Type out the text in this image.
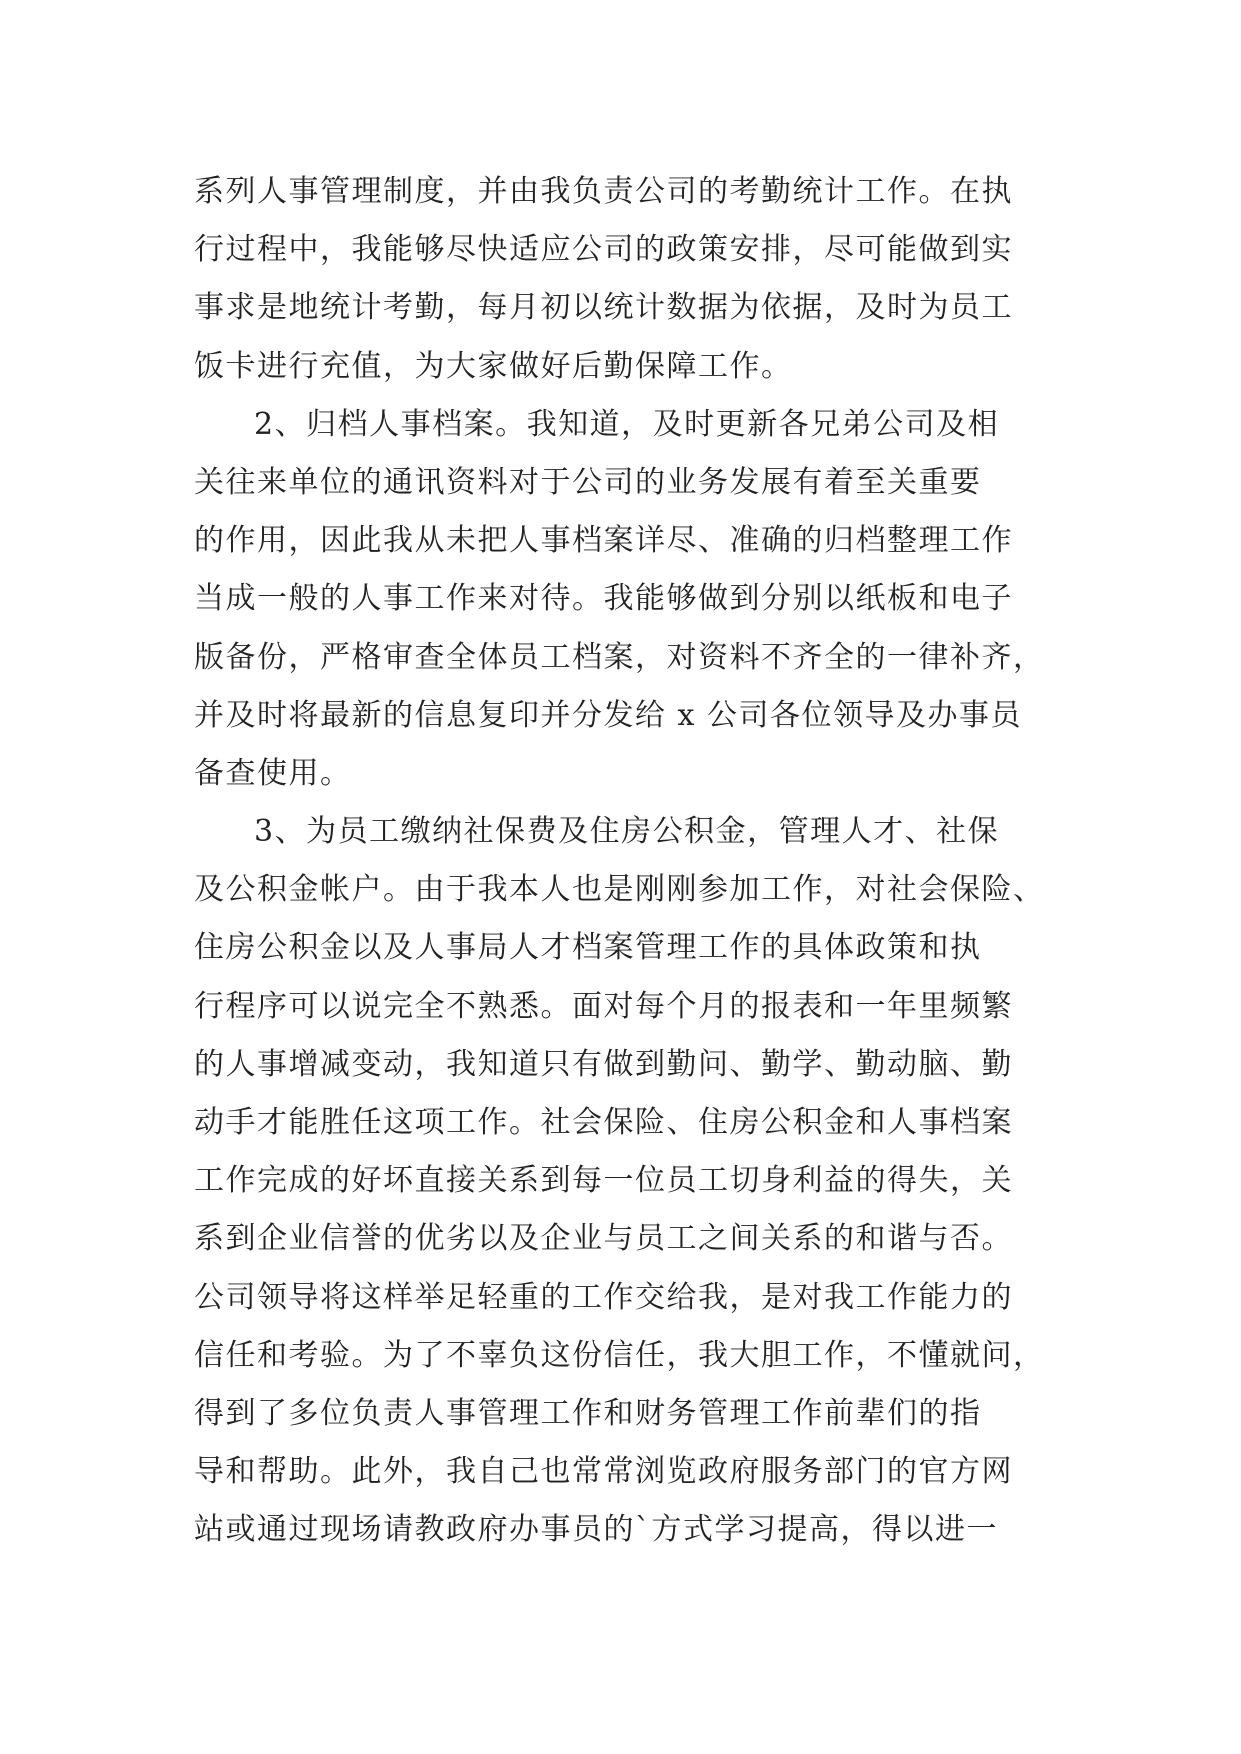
系列人事管理制度，并由我负责公司的考勤统计工作。在执
行过程中，我能够尽快适应公司的政策安排，尽可能做到实
事求是地统计考勤，每月初以统计数据为依据，及时为员工
饭卡进行充值，为大家做好后勤保障工作。
2、归档人事档案。我知道，及时更新各兄弟公司及相
关往来单位的通讯资料对于公司的业务发展有着至关重要
的作用，因此我从未把人事档案详尽、准确的归档整理工作
当成一般的人事工作来对待。我能够做到分别以纸板和电子
版备份，严格审查全体员工档案，对资料不齐全的一律补齐，
并及时将最新的信息复印并分发给 x 公司各位领导及办事员
备查使用。
3、为员工缴纳社保费及住房公积金，管理人才、社保
及公积金帐户。由于我本人也是刚刚参加工作，对社会保险、
住房公积金以及人事局人才档案管理工作的具体政策和执
行程序可以说完全不熟悉。面对每个月的报表和一年里频繁
的人事增减变动，我知道只有做到勤问、勤学、勤动脑、勤
动手才能胜任这项工作。社会保险、住房公积金和人事档案
工作完成的好坏直接关系到每一位员工切身利益的得失，关
系到企业信誉的优劣以及企业与员工之间关系的和谐与否。
公司领导将这样举足轻重的工作交给我，是对我工作能力的
信任和考验。为了不辜负这份信任，我大胆工作，不懂就问，
得到了多位负责人事管理工作和财务管理工作前辈们的指
导和帮助。此外，我自己也常常浏览政府服务部门的官方网
站或通过现场请教政府办事员的`方式学习提高，得以进一
